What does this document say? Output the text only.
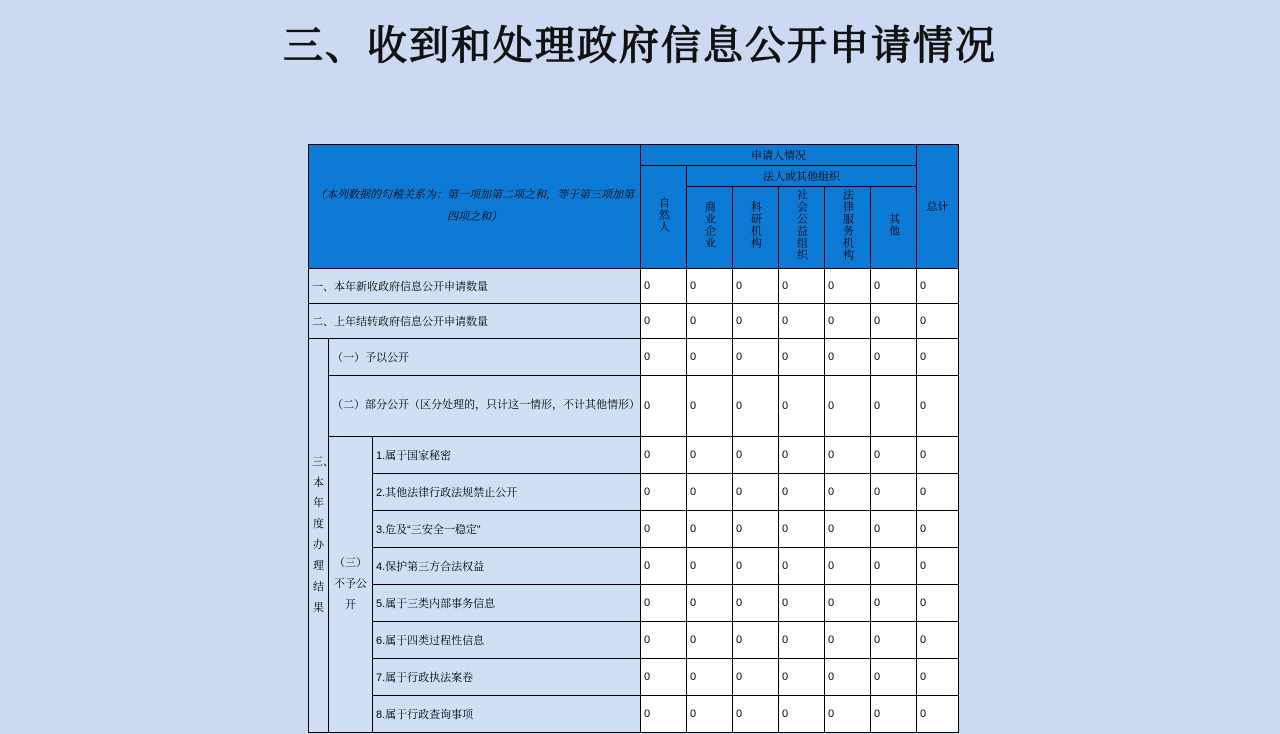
三、收到和处理政府信息公开申请情况
（本列数据的勾稽关系为：第一项加第二项之和，等于第三项加第四项之和）			申请人情况						总计
			自然人	法人或其他组织					
				商业企业	科研机构	社会公益组织	法律服务机构	其他	
一、本年新收政府信息公开申请数量			0	0	0	0	0	0	0
二、上年结转政府信息公开申请数量			0	0	0	0	0	0	0
三、本年度办理结果	（一）予以公开		0	0	0	0	0	0	0
	（二）部分公开（区分处理的，只计这一情形，不计其他情形）		0	0	0	0	0	0	0
	（三）不予公开	1.属于国家秘密	0	0	0	0	0	0	0
		2.其他法律行政法规禁止公开	0	0	0	0	0	0	0
		3.危及“三安全一稳定”	0	0	0	0	0	0	0
		4.保护第三方合法权益	0	0	0	0	0	0	0
		5.属于三类内部事务信息	0	0	0	0	0	0	0
		6.属于四类过程性信息	0	0	0	0	0	0	0
		7.属于行政执法案卷	0	0	0	0	0	0	0
		8.属于行政查询事项	0	0	0	0	0	0	0
